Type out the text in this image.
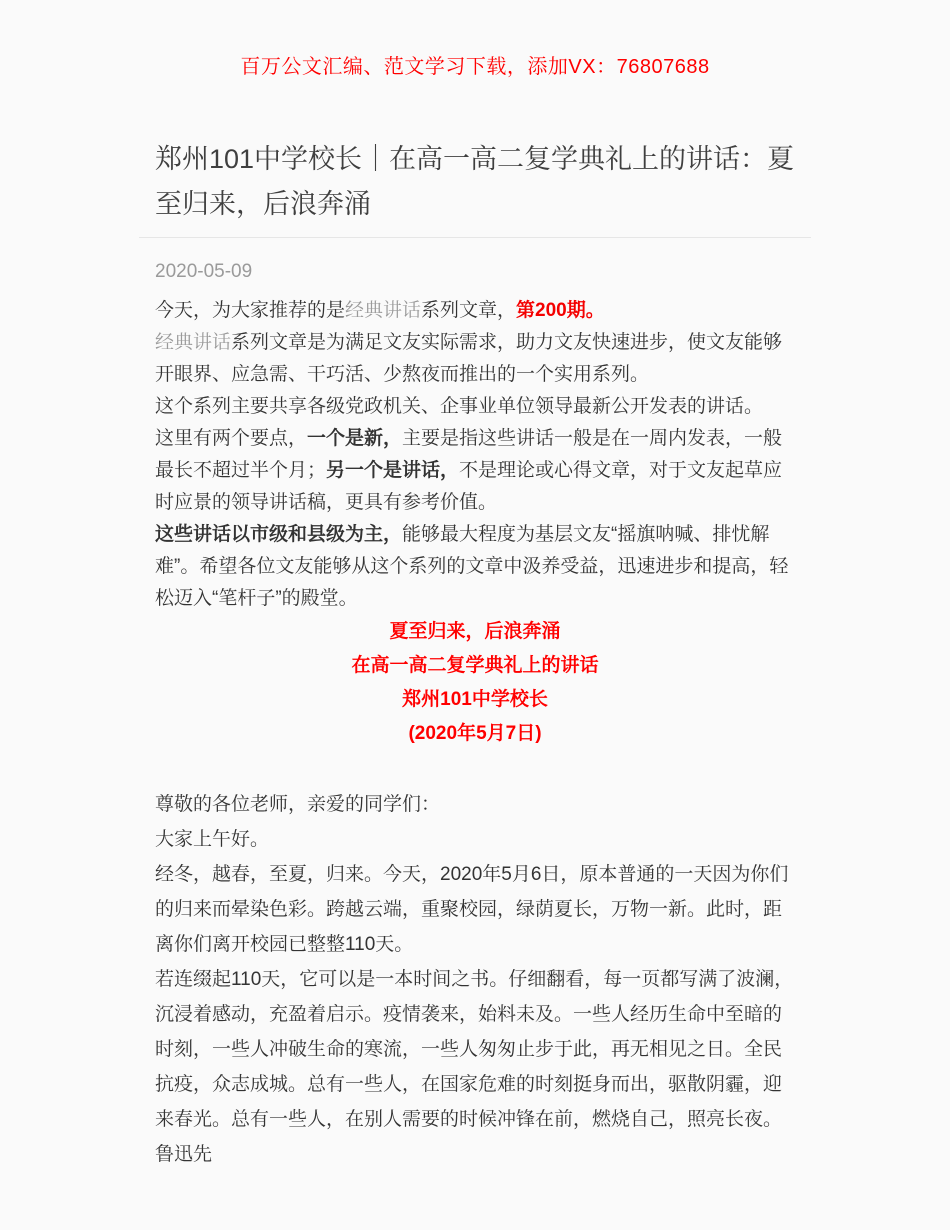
百万公文汇编、范文学习下载，添加VX：76807688
郑州101中学校长｜在高一高二复学典礼上的讲话：夏至归来，后浪奔涌
2020-05-09

今天，为大家推荐的是经典讲话系列文章，第200期。

经典讲话系列文章是为满足文友实际需求，助力文友快速进步，使文友能够开眼界、应急需、干巧活、少熬夜而推出的一个实用系列。

这个系列主要共享各级党政机关、企事业单位领导最新公开发表的讲话。

这里有两个要点，一个是新，主要是指这些讲话一般是在一周内发表，一般最长不超过半个月；另一个是讲话，不是理论或心得文章，对于文友起草应时应景的领导讲话稿，更具有参考价值。

这些讲话以市级和县级为主，能够最大程度为基层文友“摇旗呐喊、排忧解难”。希望各位文友能够从这个系列的文章中汲养受益，迅速进步和提高，轻松迈入“笔杆子”的殿堂。

夏至归来，后浪奔涌
在高一高二复学典礼上的讲话
郑州101中学校长
(2020年5月7日)

尊敬的各位老师，亲爱的同学们：

大家上午好。

经冬，越春，至夏，归来。今天，2020年5月6日，原本普通的一天因为你们的归来而晕染色彩。跨越云端，重聚校园，绿荫夏长，万物一新。此时，距离你们离开校园已整整110天。

若连缀起110天，它可以是一本时间之书。仔细翻看，每一页都写满了波澜，沉浸着感动，充盈着启示。疫情袭来，始料未及。一些人经历生命中至暗的时刻，一些人冲破生命的寒流，一些人匆匆止步于此，再无相见之日。全民抗疫，众志成城。总有一些人，在国家危难的时刻挺身而出，驱散阴霾，迎来春光。总有一些人，在别人需要的时候冲锋在前，燃烧自己，照亮长夜。鲁迅先
